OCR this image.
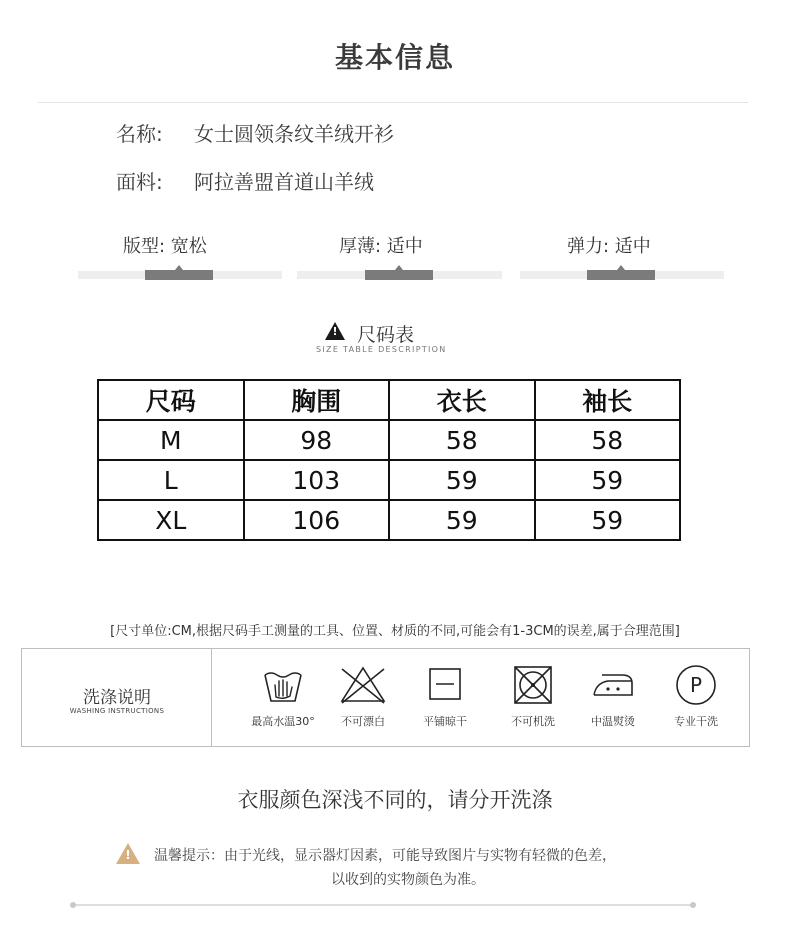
基本信息
名称: 女士圆领条纹羊绒开衫
面料: 阿拉善盟首道山羊绒
版型: 宽松	厚薄: 适中	弹力: 适中
!	尺码表
SIZE TABLE DESCRIPTION
尺码	胸围	衣长	袖长
M	98	58	58
L	103	59	59
XL	106	59	59
[尺寸单位:CM,根据尺码手工测量的工具、位置、材质的不同,可能会有1-3CM的误差,属于合理范围]
洗涤说明
WASHING INSTRUCTIONS
最高水温30°	不可漂白	平铺晾干	不可机洗	中温熨烫
P
专业干洗
衣服颜色深浅不同的，请分开洗涤
!	温馨提示：由于光线，显示器灯因素，可能导致图片与实物有轻微的色差，
以收到的实物颜色为准。
